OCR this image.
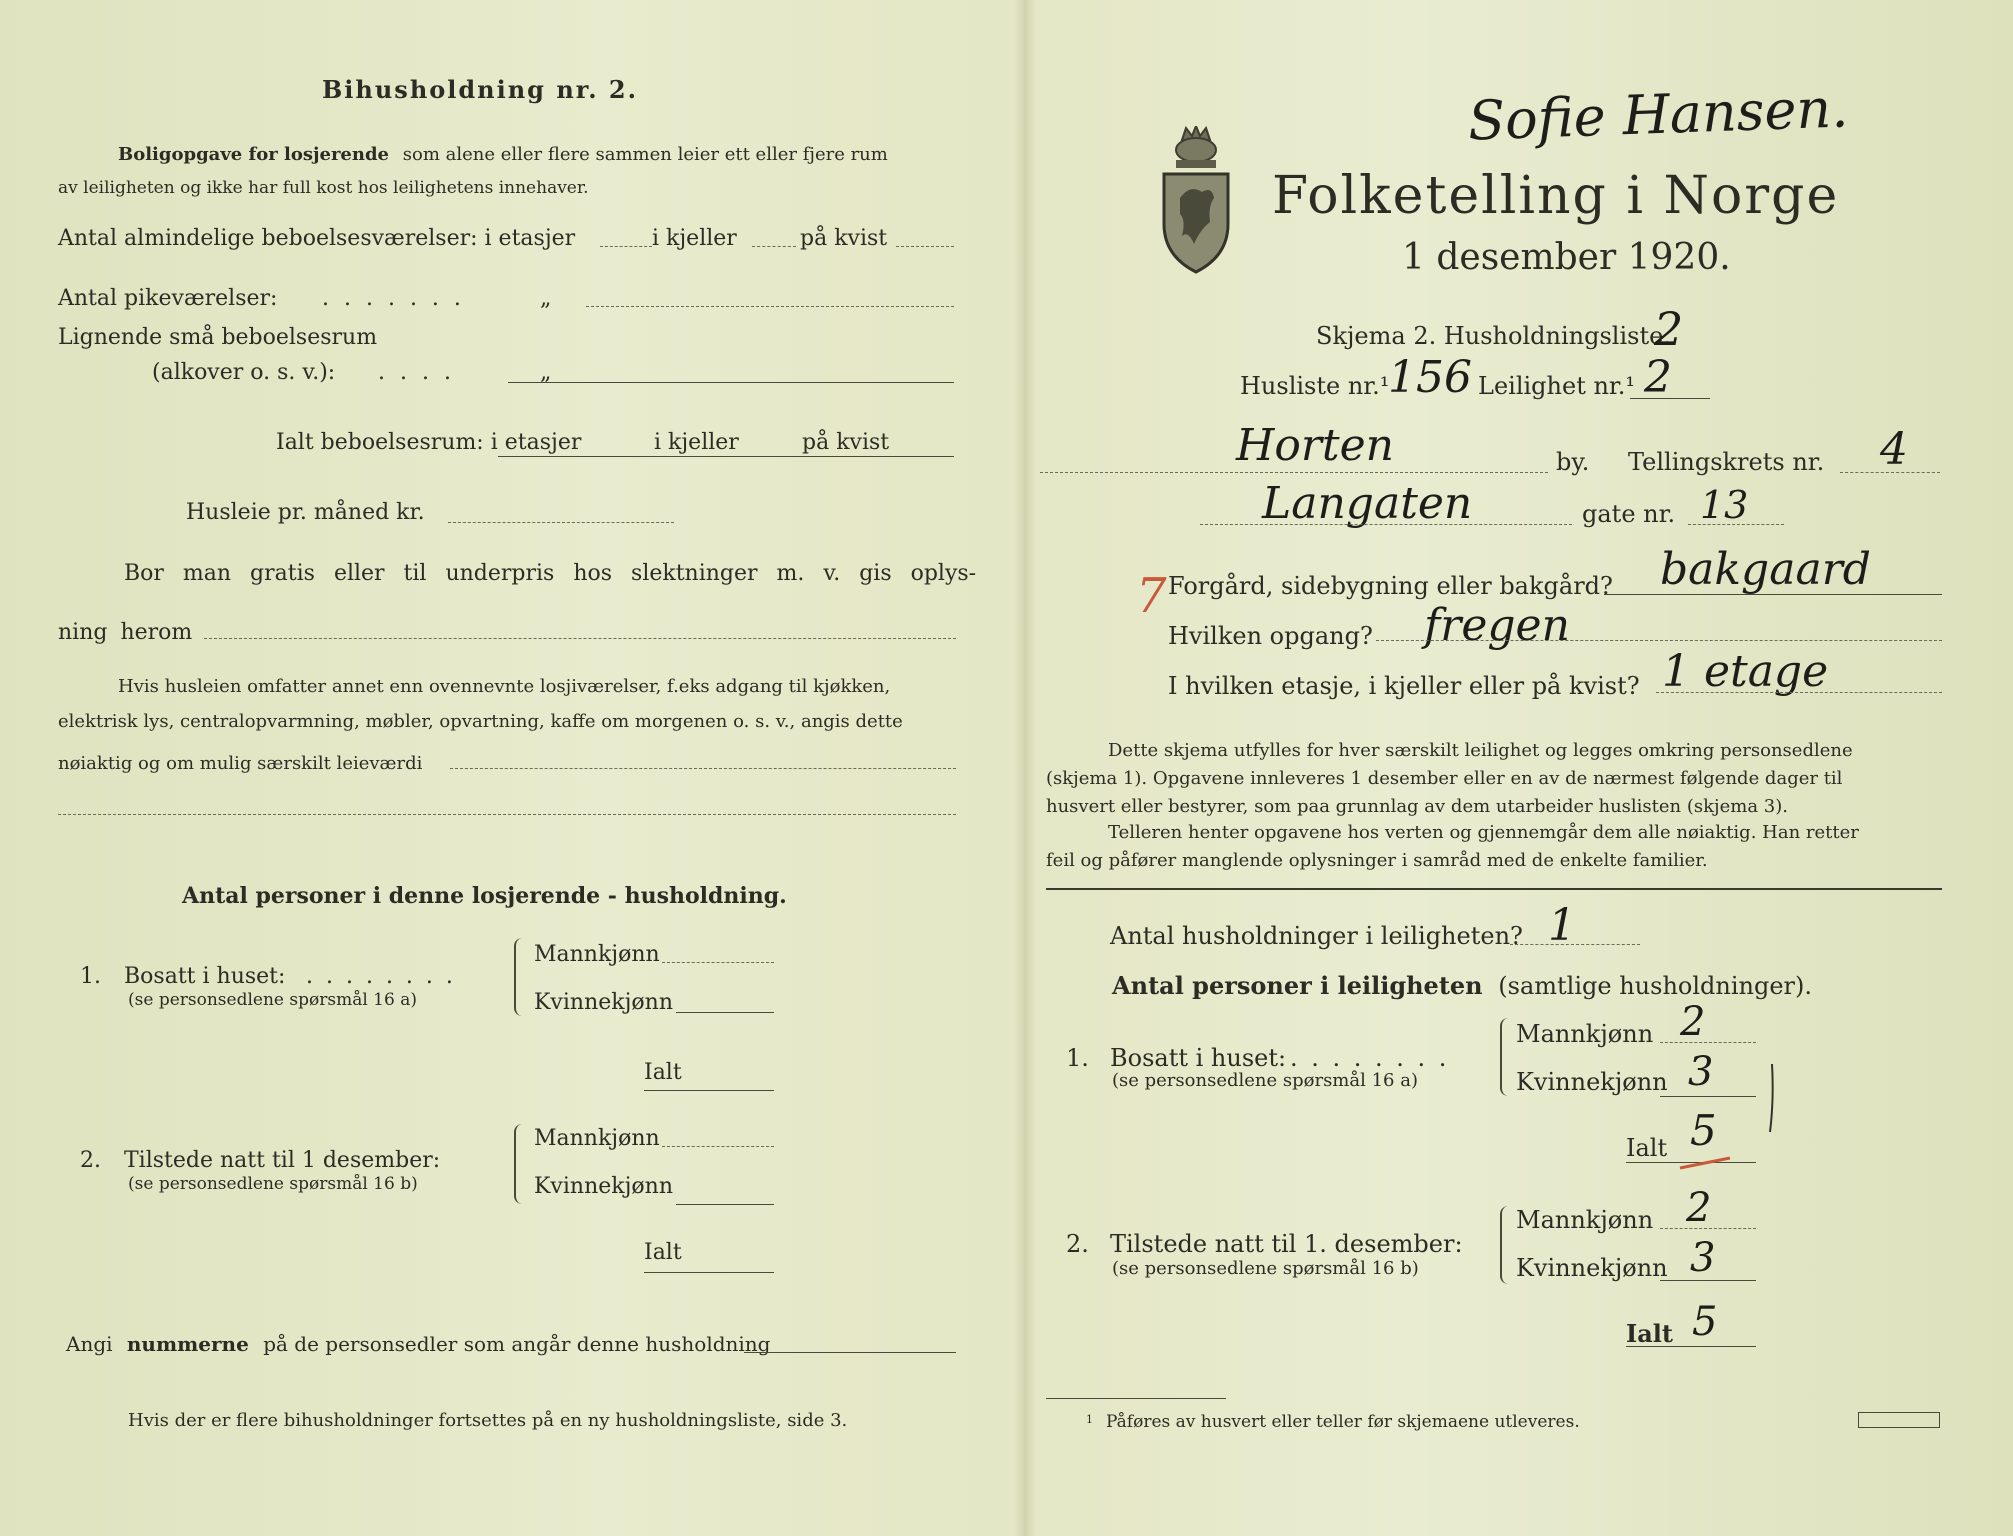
Bihusholdning nr. 2.
Boligopgave for losjerende som alene eller flere sammen leier ett eller fjere rum
av leiligheten og ikke har full kost hos leilighetens innehaver.
Antal almindelige beboelsesværelser: i etasjer	i kjeller	på kvist
Antal pikeværelser: . . . . . . .	„
Lignende små beboelsesrum
(alkover o. s. v.): . . . .	„
Ialt beboelsesrum: i etasjer	i kjeller	på kvist
Husleie pr. måned kr.
Bor man gratis eller til underpris hos slektninger m. v. gis oplys-
ning herom
Hvis husleien omfatter annet enn ovennevnte losjiværelser, f.eks adgang til kjøkken,
elektrisk lys, centralopvarmning, møbler, opvartning, kaffe om morgenen o. s. v., angis dette
nøiaktig og om mulig særskilt leieværdi
Antal personer i denne losjerende - husholdning.
1. Bosatt i huset: . . . . . . . .
(se personsedlene spørsmål 16 a)
Mannkjønn
Kvinnekjønn
Ialt
2. Tilstede natt til 1 desember:
(se personsedlene spørsmål 16 b)
Mannkjønn
Kvinnekjønn
Ialt
Angi nummerne på de personsedler som angår denne husholdning
Hvis der er flere bihusholdninger fortsettes på en ny husholdningsliste, side 3.
Sofie Hansen.
Folketelling i Norge
1 desember 1920.
Skjema 2. Husholdningsliste.
2
Husliste nr.¹
156 Leilighet nr.¹ 2
Horten	by. Tellingskrets nr. 4
Langaten	gate nr. 13
7 Forgård, sidebygning eller bakgård? bakgaard
Hvilken opgang? fregen
I hvilken etasje, i kjeller eller på kvist? 1 etage
Dette skjema utfylles for hver særskilt leilighet og legges omkring personsedlene
(skjema 1). Opgavene innleveres 1 desember eller en av de nærmest følgende dager til
husvert eller bestyrer, som paa grunnlag av dem utarbeider huslisten (skjema 3).
Telleren henter opgavene hos verten og gjennemgår dem alle nøiaktig. Han retter
feil og påfører manglende oplysninger i samråd med de enkelte familier.
Antal husholdninger i leiligheten? 1
Antal personer i leiligheten (samtlige husholdninger).
1. Bosatt i huset: . . . . . . . .
(se personsedlene spørsmål 16 a)
Mannkjønn 2
Kvinnekjønn 3
Ialt 5
2. Tilstede natt til 1. desember:
(se personsedlene spørsmål 16 b)
Mannkjønn 2
Kvinnekjønn 3
Ialt 5
1 Påføres av husvert eller teller før skjemaene utleveres.
